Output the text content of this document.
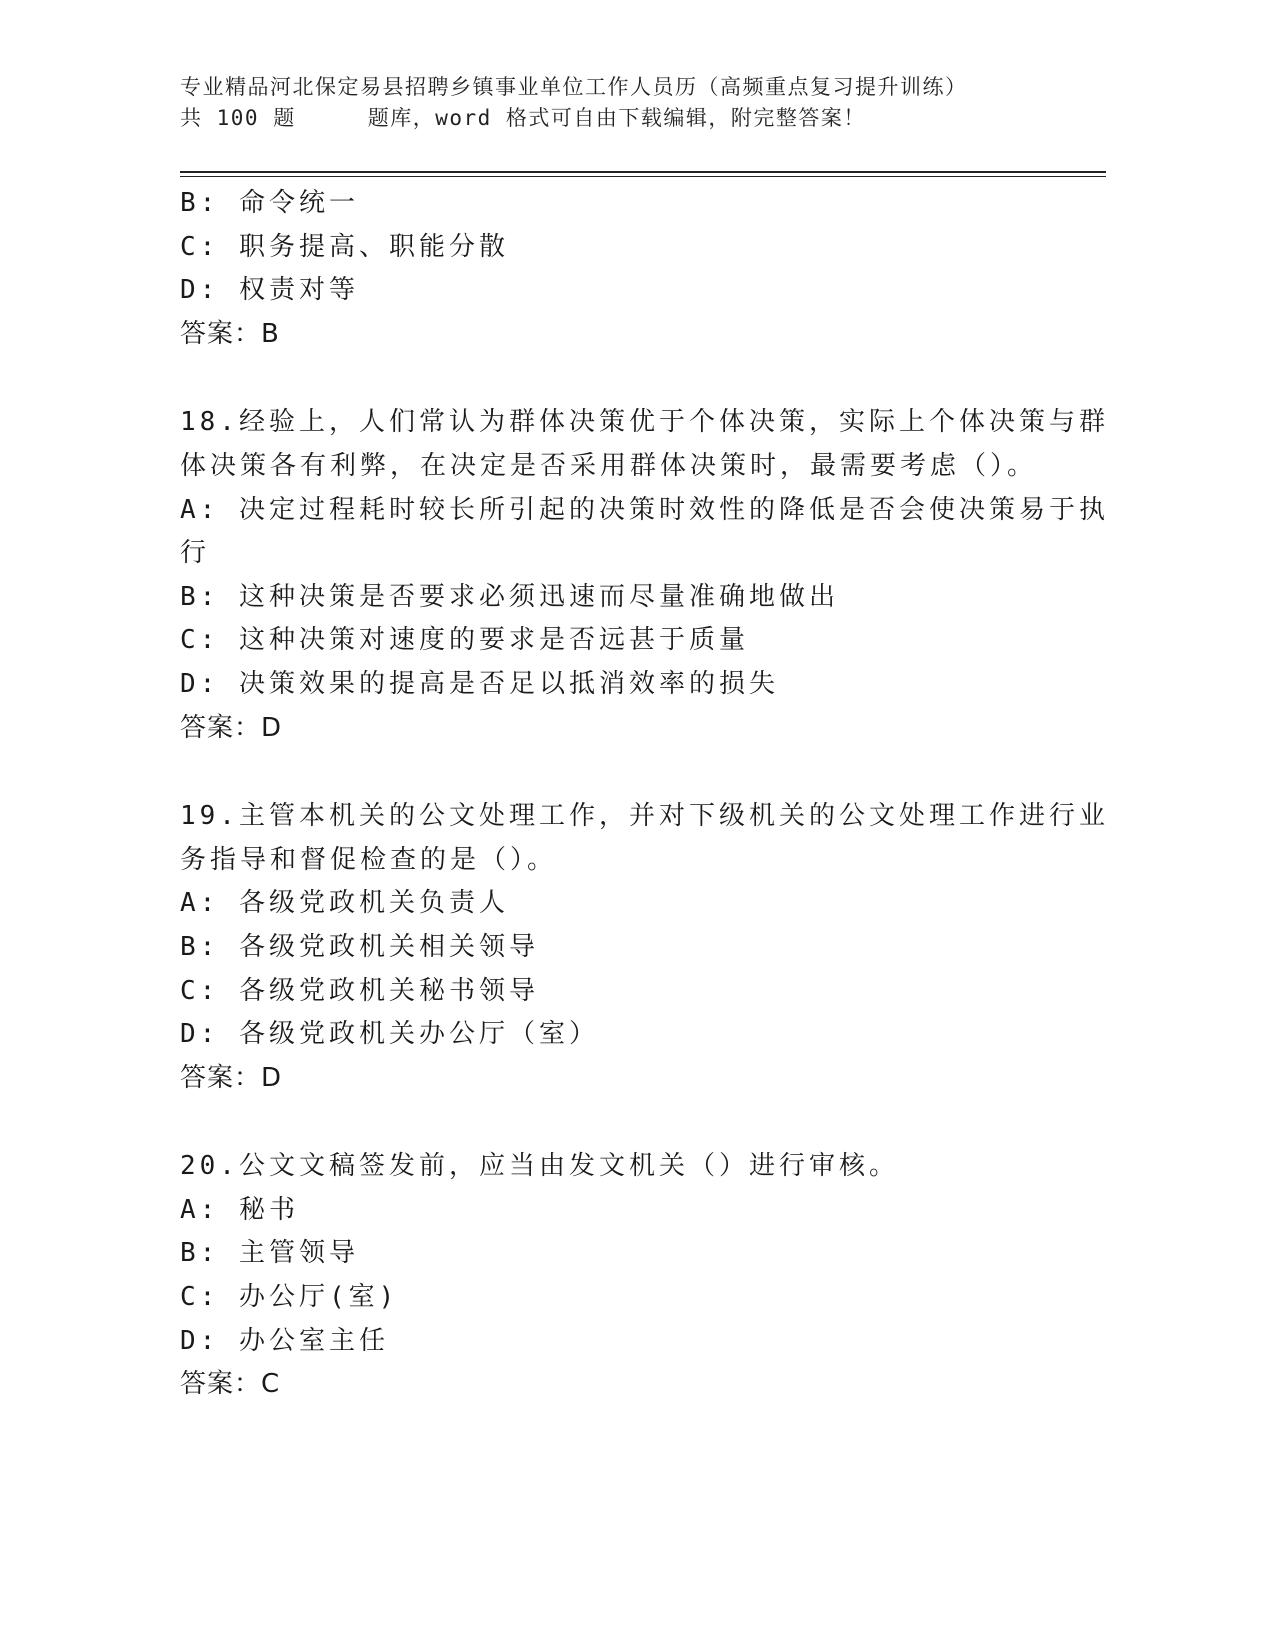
专业精品河北保定易县招聘乡镇事业单位工作人员历（高频重点复习提升训练）
共 100 题	题库，word 格式可自由下载编辑，附完整答案！
B: 命令统一
C: 职务提高、职能分散
D: 权责对等
答案：B
18.经验上，人们常认为群体决策优于个体决策，实际上个体决策与群
体决策各有利弊，在决定是否采用群体决策时，最需要考虑（）。
A: 决定过程耗时较长所引起的决策时效性的降低是否会使决策易于执
行
B: 这种决策是否要求必须迅速而尽量准确地做出
C: 这种决策对速度的要求是否远甚于质量
D: 决策效果的提高是否足以抵消效率的损失
答案：D
19.主管本机关的公文处理工作，并对下级机关的公文处理工作进行业
务指导和督促检查的是（）。
A: 各级党政机关负责人
B: 各级党政机关相关领导
C: 各级党政机关秘书领导
D: 各级党政机关办公厅（室）
答案：D
20.公文文稿签发前，应当由发文机关（）进行审核。
A: 秘书
B: 主管领导
C: 办公厅(室)
D: 办公室主任
答案：C
